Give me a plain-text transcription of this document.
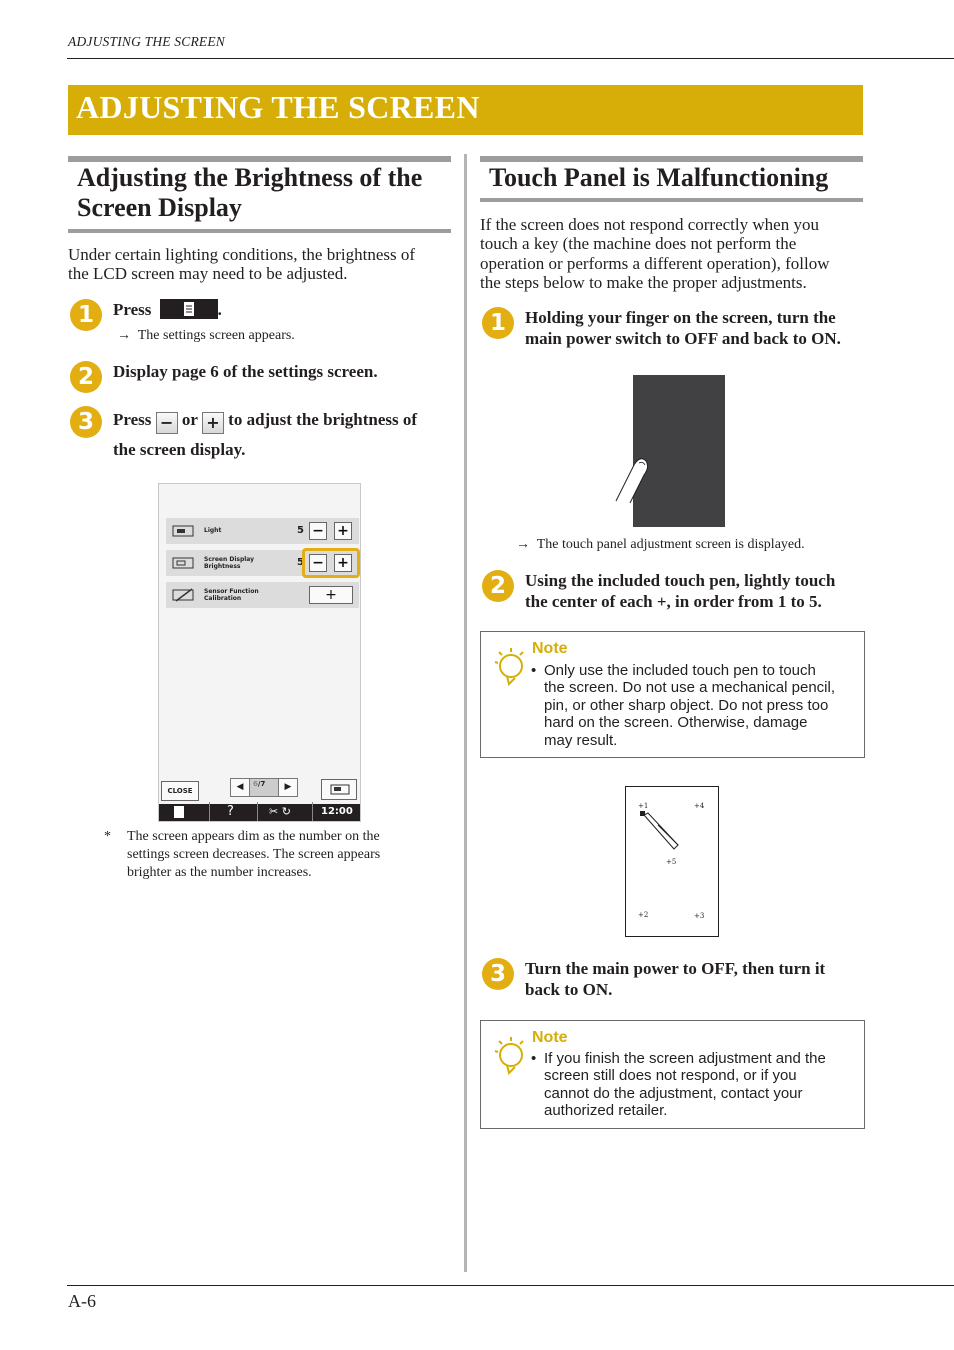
ADJUSTING THE SCREEN
ADJUSTING THE SCREEN
Adjusting the Brightness of the
Screen Display
Under certain lighting conditions, the brightness of
the LCD screen may need to be adjusted.
1	Press	.
→ The settings screen appears.
2	Display page 6 of the settings screen.
3	Press − or + to adjust the brightness of
the screen display.
Light	5 − +
Screen Display
Brightness	5 − +
Sensor Function
Calibration	+
CLOSE	◀	6/7	▶
?	✂ ↻	12:00
* The screen appears dim as the number on the
settings screen decreases. The screen appears
brighter as the number increases.
Touch Panel is Malfunctioning
If the screen does not respond correctly when you
touch a key (the machine does not perform the
operation or performs a different operation), follow
the steps below to make the proper adjustments.
1	Holding your finger on the screen, turn the
main power switch to OFF and back to ON.
→ The touch panel adjustment screen is displayed.
2	Using the included touch pen, lightly touch
the center of each +, in order from 1 to 5.
Note
• Only use the included touch pen to touch
the screen. Do not use a mechanical pencil,
pin, or other sharp object. Do not press too
hard on the screen. Otherwise, damage
may result.
+1	+4
+5
+2	+3
3	Turn the main power to OFF, then turn it
back to ON.
Note
• If you finish the screen adjustment and the
screen still does not respond, or if you
cannot do the adjustment, contact your
authorized retailer.
A-6
